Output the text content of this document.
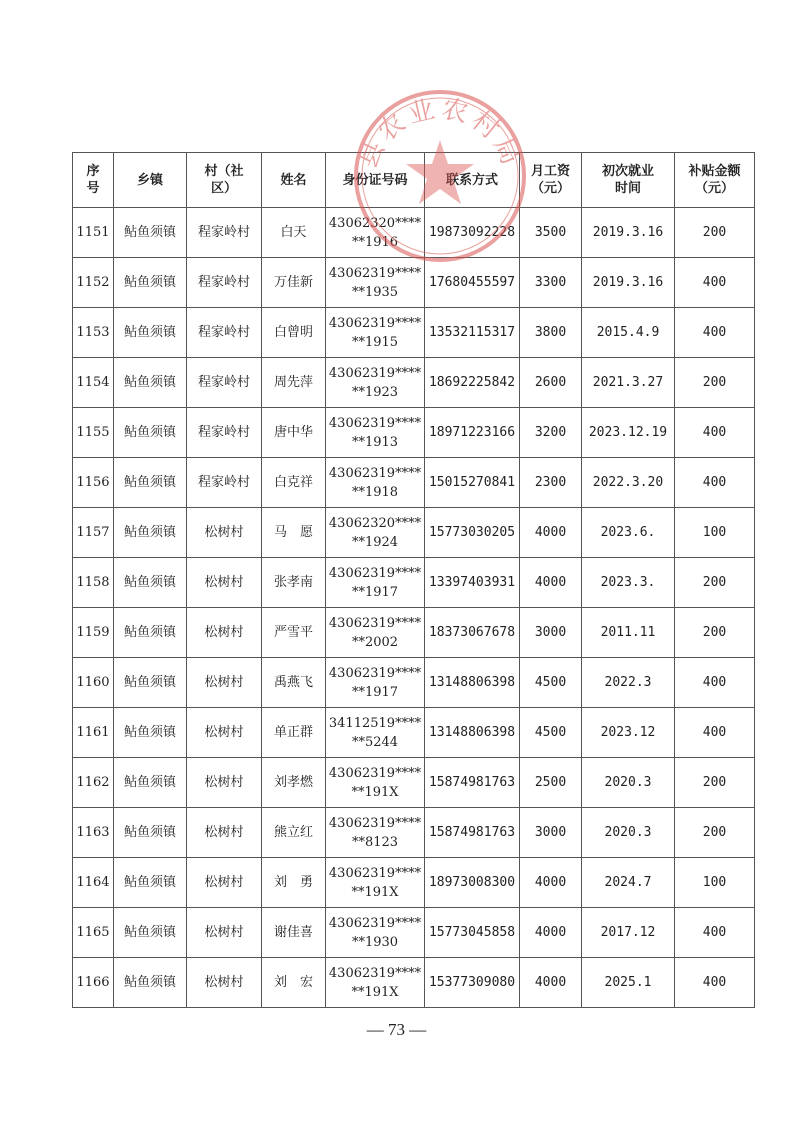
县农业农村局
序号	乡镇	村（社区）	姓名	身份证号码	联系方式	月工资（元）	初次就业时间	补贴金额（元）
1151	鲇鱼须镇	程家岭村	白天	43062320******1916	19873092228	3500	2019.3.16	200
1152	鲇鱼须镇	程家岭村	万佳新	43062319******1935	17680455597	3300	2019.3.16	400
1153	鲇鱼须镇	程家岭村	白曾明	43062319******1915	13532115317	3800	2015.4.9	400
1154	鲇鱼须镇	程家岭村	周先萍	43062319******1923	18692225842	2600	2021.3.27	200
1155	鲇鱼须镇	程家岭村	唐中华	43062319******1913	18971223166	3200	2023.12.19	400
1156	鲇鱼须镇	程家岭村	白克祥	43062319******1918	15015270841	2300	2022.3.20	400
1157	鲇鱼须镇	松树村	马　愿	43062320******1924	15773030205	4000	2023.6.	100
1158	鲇鱼须镇	松树村	张孝南	43062319******1917	13397403931	4000	2023.3.	200
1159	鲇鱼须镇	松树村	严雪平	43062319******2002	18373067678	3000	2011.11	200
1160	鲇鱼须镇	松树村	禹燕飞	43062319******1917	13148806398	4500	2022.3	400
1161	鲇鱼须镇	松树村	单正群	34112519******5244	13148806398	4500	2023.12	400
1162	鲇鱼须镇	松树村	刘孝燃	43062319******191X	15874981763	2500	2020.3	200
1163	鲇鱼须镇	松树村	熊立红	43062319******8123	15874981763	3000	2020.3	200
1164	鲇鱼须镇	松树村	刘　勇	43062319******191X	18973008300	4000	2024.7	100
1165	鲇鱼须镇	松树村	谢佳喜	43062319******1930	15773045858	4000	2017.12	400
1166	鲇鱼须镇	松树村	刘　宏	43062319******191X	15377309080	4000	2025.1	400
— 73 —
